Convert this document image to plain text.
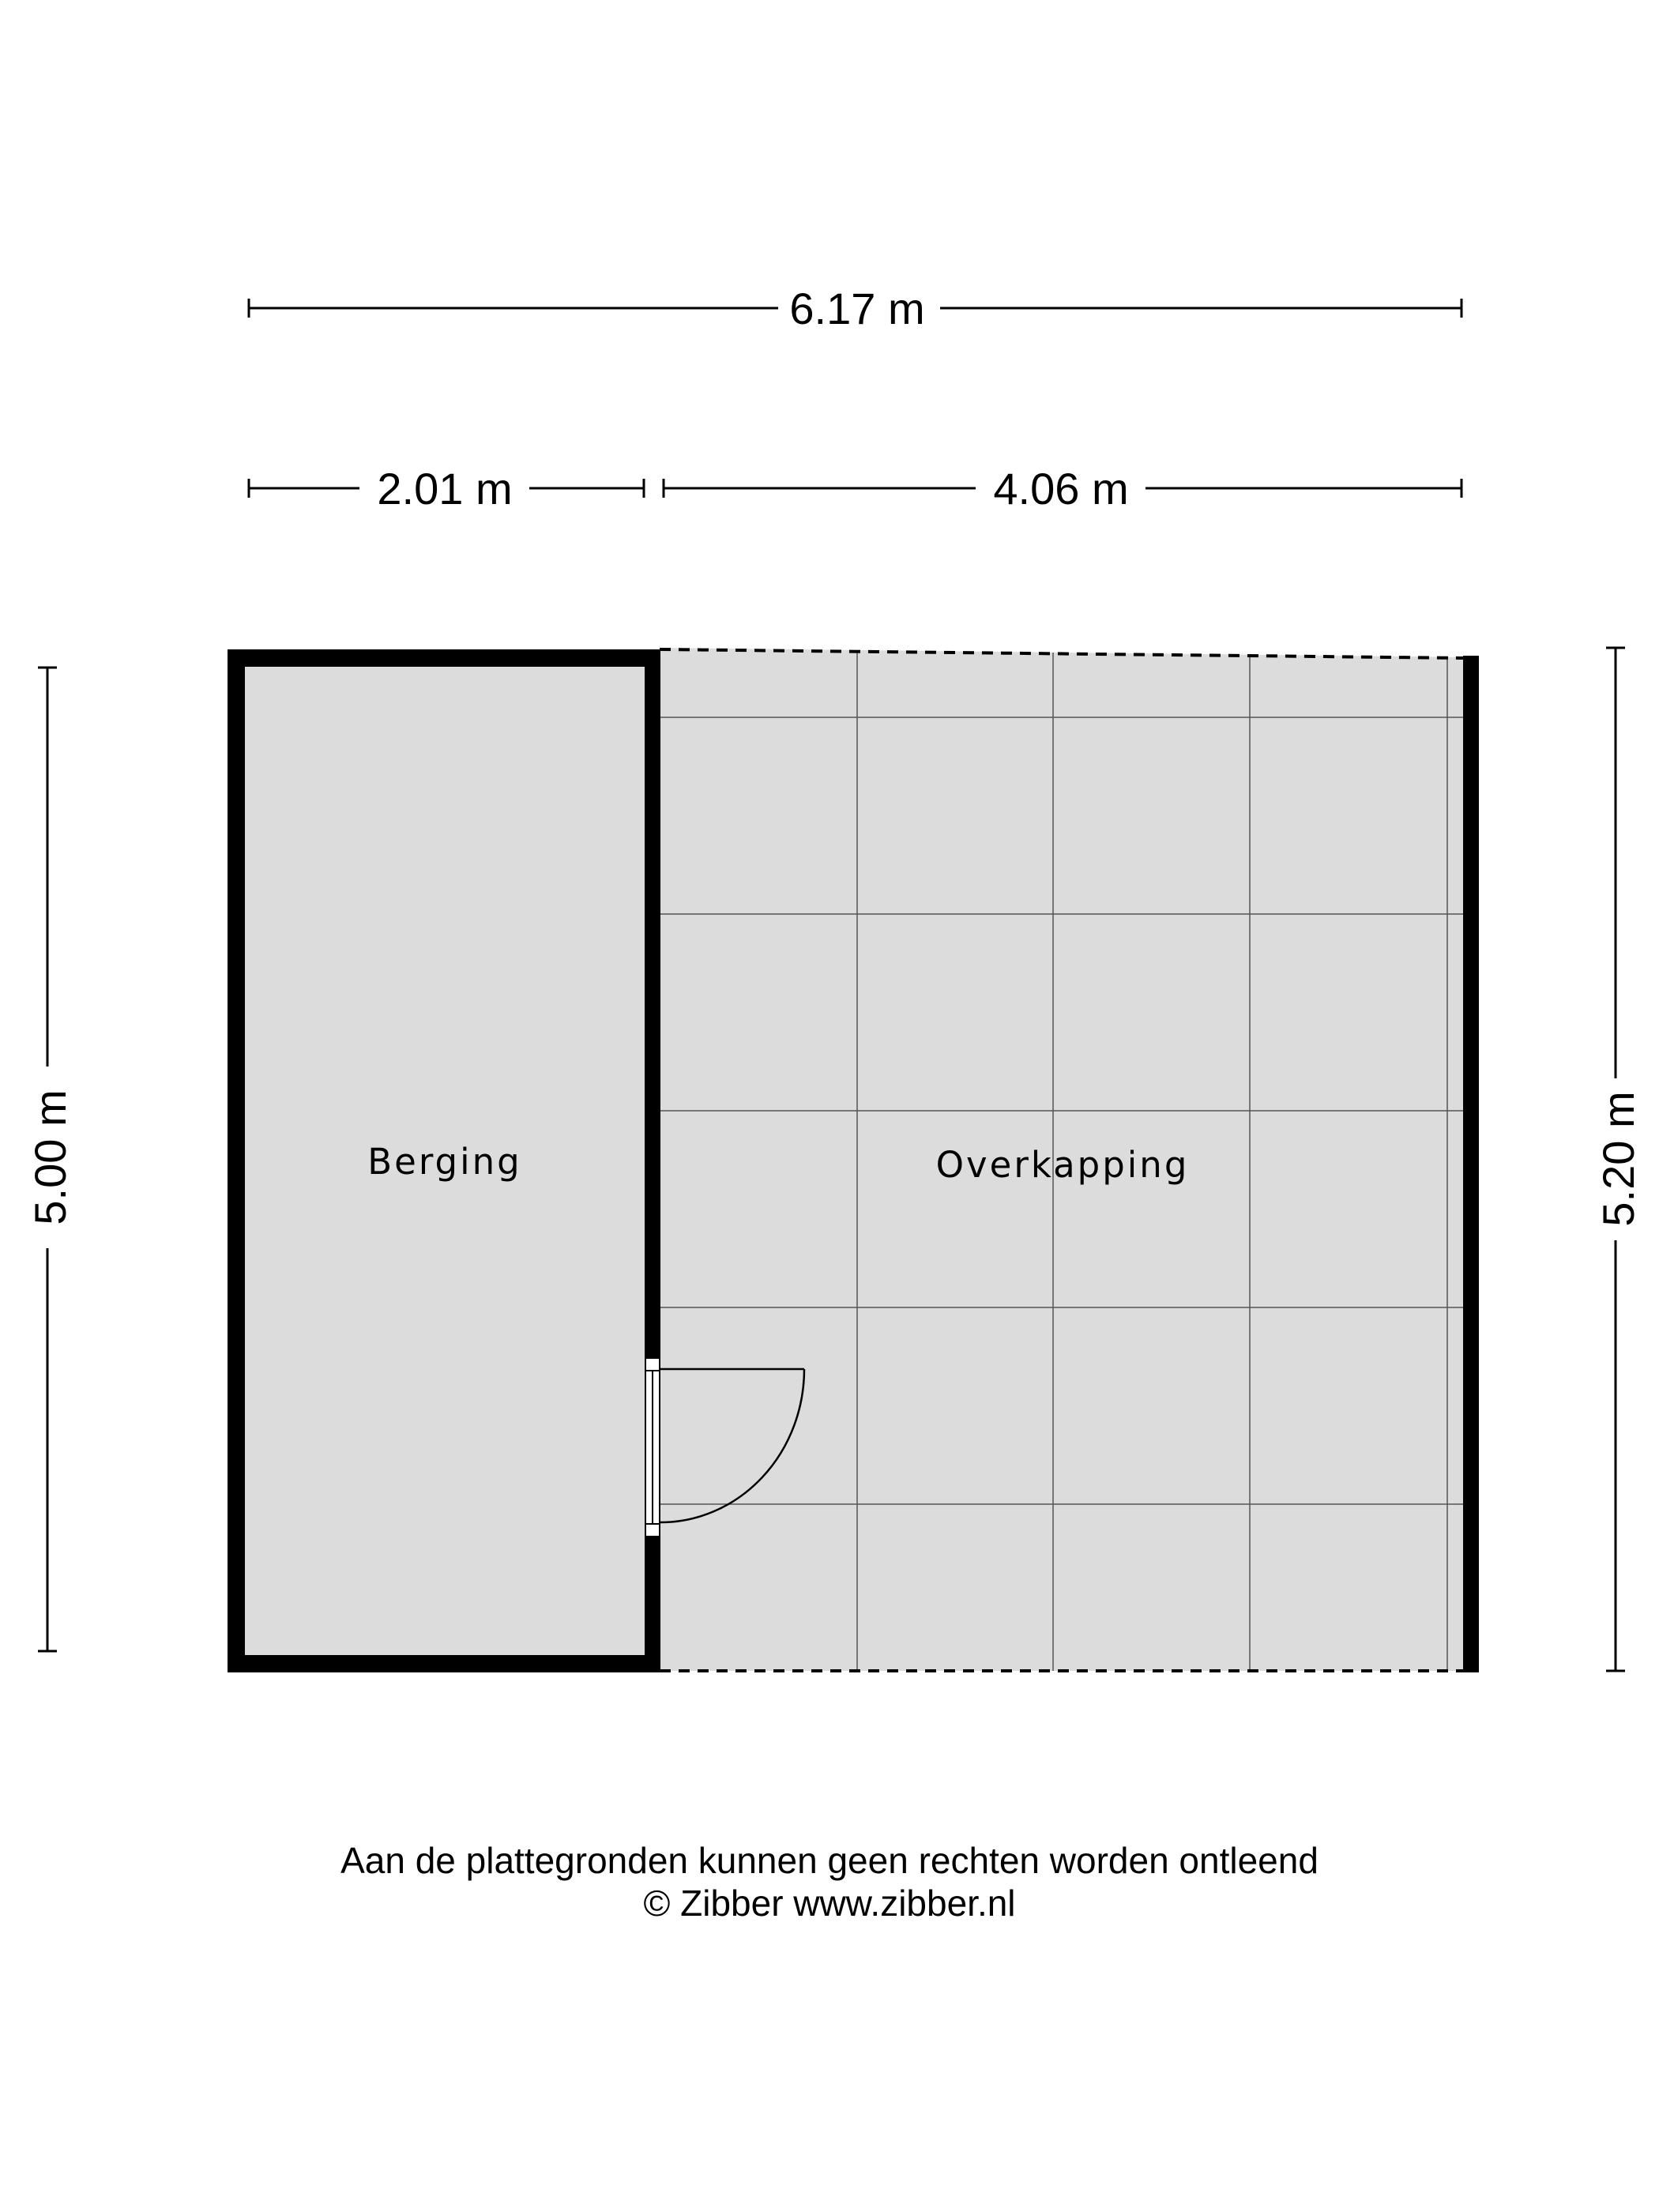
6.17 m
2.01 m	4.06 m
5.00 m	5.20 m
Berging	Overkapping
Aan de plattegronden kunnen geen rechten worden ontleend
© Zibber www.zibber.nl
